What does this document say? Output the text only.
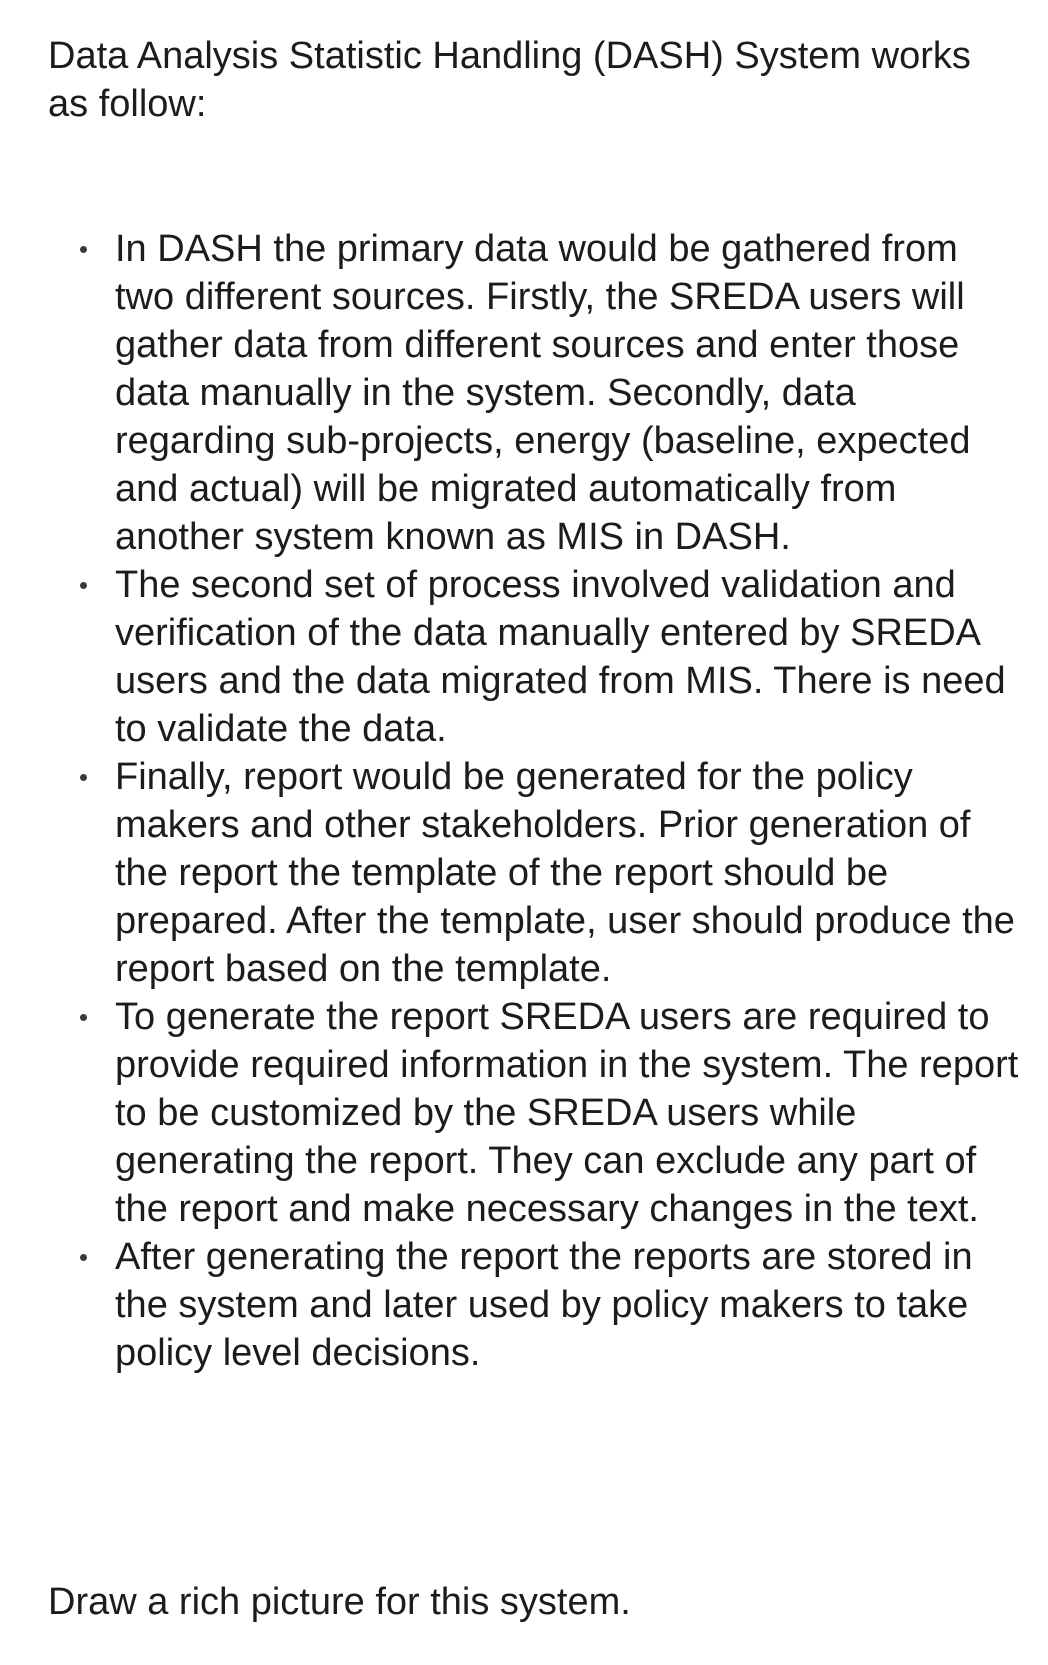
Data Analysis Statistic Handling (DASH) System works as follow:

In DASH the primary data would be gathered from two different sources. Firstly, the SREDA users will gather data from different sources and enter those data manually in the system. Secondly, data regarding sub-projects, energy (baseline, expected and actual) will be migrated automatically from another system known as MIS in DASH.
The second set of process involved validation and verification of the data manually entered by SREDA users and the data migrated from MIS. There is need to validate the data.
Finally, report would be generated for the policy makers and other stakeholders. Prior generation of the report the template of the report should be prepared. After the template, user should produce the report based on the template.
To generate the report SREDA users are required to provide required information in the system. The report to be customized by the SREDA users while generating the report. They can exclude any part of the report and make necessary changes in the text.
After generating the report the reports are stored in the system and later used by policy makers to take policy level decisions.

Draw a rich picture for this system.
